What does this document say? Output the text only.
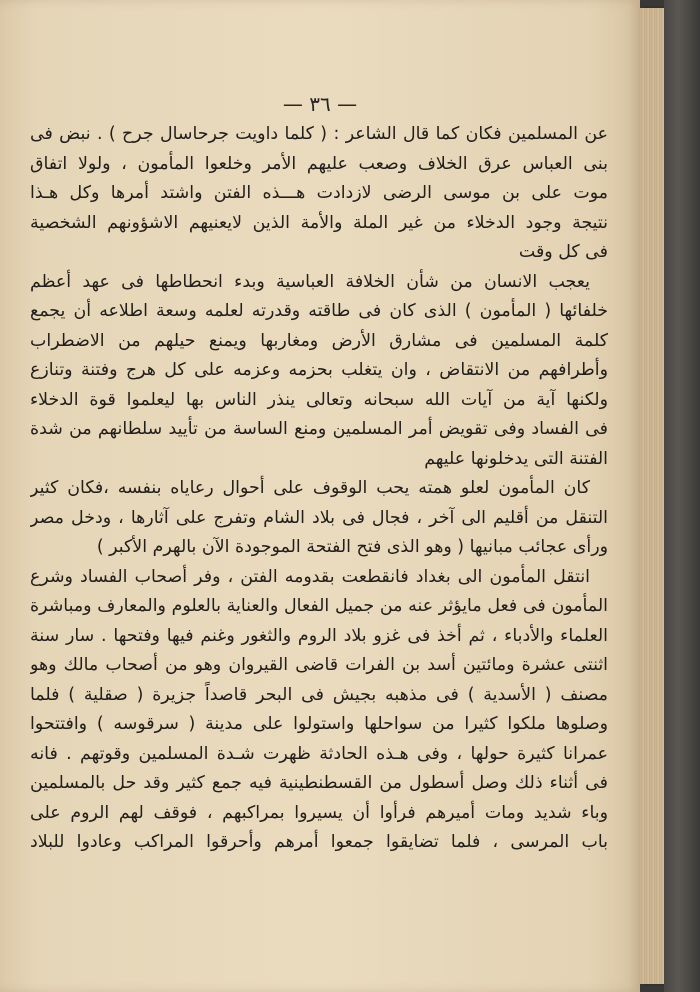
— ٣٦ —
عن المسلمين فكان كما قال الشاعر : ( كلما داويت جرحاسال جرح ) . نبض فى
بنى العباس عرق الخلاف وصعب عليهم الأمر وخلعوا المأمون ، ولولا اتفاق
موت على بن موسى الرضى لازدادت هـــذه الفتن واشتد أمرها وكل هـذا
نتيجة وجود الدخلاء من غير الملة والأمة الذين لايعنيهم الاشؤونهم الشخصية
فى كل وقت
يعجب الانسان من شأن الخلافة العباسية وبدء انحطاطها فى عهد أعظم
خلفائها ( المأمون ) الذى كان فى طاقته وقدرته لعلمه وسعة اطلاعه أن يجمع
كلمة المسلمين فى مشارق الأرض ومغاربها ويمنع حيلهم من الاضطراب
وأطرافهم من الانتقاض ، وان يتغلب بحزمه وعزمه على كل هرج وفتنة وتنازع
ولكنها آية من آيات الله سبحانه وتعالى ينذر الناس بها ليعلموا قوة الدخلاء
فى الفساد وفى تقويض أمر المسلمين ومنع الساسة من تأييد سلطانهم من شدة
الفتنة التى يدخلونها عليهم
كان المأمون لعلو همته يحب الوقوف على أحوال رعاياه بنفسه ،فكان كثير
التنقل من أقليم الى آخر ، فجال فى بلاد الشام وتفرج على آثارها ، ودخل مصر
ورأى عجائب مبانيها ( وهو الذى فتح الفتحة الموجودة الآن بالهرم الأكبر )
انتقل المأمون الى بغداد فانقطعت بقدومه الفتن ، وفر أصحاب الفساد وشرع
المأمون فى فعل مايؤثر عنه من جميل الفعال والعناية بالعلوم والمعارف ومباشرة
العلماء والأدباء ، ثم أخذ فى غزو بلاد الروم والثغور وغنم فيها وفتحها . سار سنة
اثنتى عشرة ومائتين أسد بن الفرات قاضى القيروان وهو من أصحاب مالك وهو
مصنف ( الأسدية ) فى مذهبه بجيش فى البحر قاصداً جزيرة ( صقلية ) فلما
وصلوها ملكوا كثيرا من سواحلها واستولوا على مدينة ( سرقوسه ) وافتتحوا
عمرانا كثيرة حولها ، وفى هـذه الحادثة ظهرت شـدة المسلمين وقوتهم . فانه
فى أثناء ذلك وصل أسطول من القسطنطينية فيه جمع كثير وقد حل بالمسلمين
وباء شديد ومات أميرهم فرأوا أن يسيروا بمراكبهم ، فوقف لهم الروم على
باب المرسى ، فلما تضايقوا جمعوا أمرهم وأحرقوا المراكب وعادوا للبلاد
